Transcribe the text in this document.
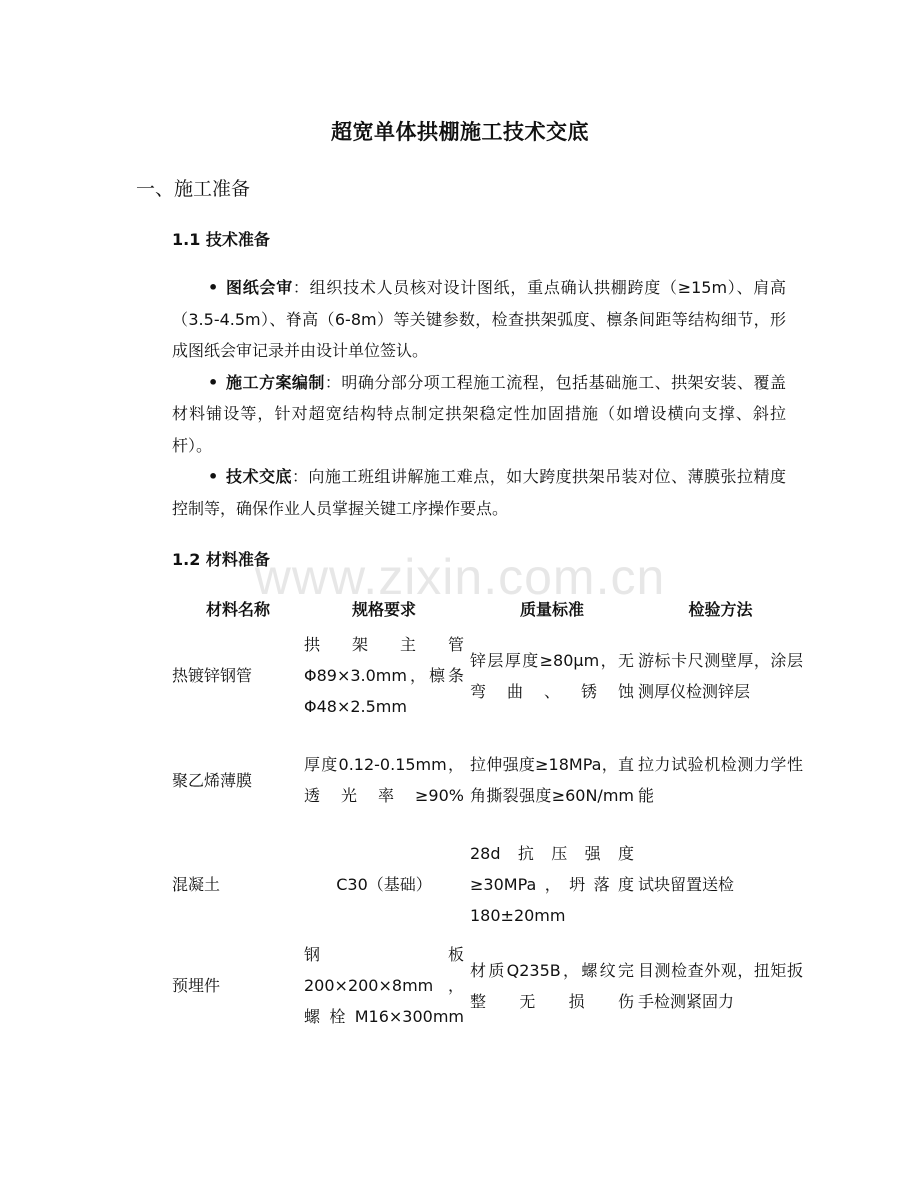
超宽单体拱棚施工技术交底
一、施工准备
1.1 技术准备
• 图纸会审：组织技术人员核对设计图纸，重点确认拱棚跨度（≥15m）、肩高（3.5-4.5m）、脊高（6-8m）等关键参数，检查拱架弧度、檩条间距等结构细节，形成图纸会审记录并由设计单位签认。
• 施工方案编制：明确分部分项工程施工流程，包括基础施工、拱架安装、覆盖材料铺设等，针对超宽结构特点制定拱架稳定性加固措施（如增设横向支撑、斜拉杆）。
• 技术交底：向施工班组讲解施工难点，如大跨度拱架吊装对位、薄膜张拉精度控制等，确保作业人员掌握关键工序操作要点。
1.2 材料准备
www.zixin.com.cn
材料名称	规格要求	质量标准	检验方法
热镀锌钢管	拱架主管Φ89×3.0mm，檩条Φ48×2.5mm	锌层厚度≥80μm，无弯曲、锈蚀	游标卡尺测壁厚，涂层测厚仪检测锌层
聚乙烯薄膜	厚度0.12-0.15mm，透光率≥90%	拉伸强度≥18MPa，直角撕裂强度≥60N/mm	拉力试验机检测力学性能
混凝土	C30（基础）	28d抗压强度≥30MPa，坍落度180±20mm	试块留置送检
预埋件	钢板200×200×8mm，螺栓M16×300mm	材质Q235B，螺纹完整无损伤	目测检查外观，扭矩扳手检测紧固力
